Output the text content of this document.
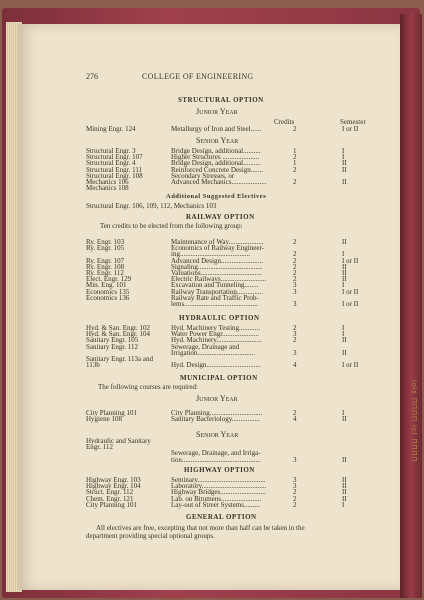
Iols ΠΠΠΠ IcI ΠΠΠΠ
276	COLLEGE OF ENGINEERING
STRUCTURAL OPTION
Junior Year
Credits	Semester
Mining Engr. 124	Metallurgy of Iron and Steel......	2	I or II
Senior Year
Structural Engr. 3	Bridge Design, additional..........	1	I
Structural Engr. 107	Higher Structures .....................	2	I
Structural Engr. 4	Bridge Design, additional..........	1	II
Structural Engr. 111	Reinforced Concrete Design.......	2	II
Structural Engr. 108	Secondary Stresses, or
Mechanics 106	Advanced Mechanics....................	2	II
Mechanics 108
Additional Suggested Electives
Structural Engr. 106, 109, 112, Mechanics 103
RAILWAY OPTION
Ten credits to be elected from the following group:
Ry. Engr. 103	Maintenance of Way....................	2	II
Ry. Engr. 105	Economics of Railway Engineer-
ing........................................	2	I
Ry. Engr. 107	Advanced Design........................	2	I or II
Ry. Engr. 108	Signaling.....................................	2	II
Ry. Engr. 112	Valuations...................................	2	II
Elect. Engr. 129	Electric Railways..........................	2	II
Min. Eng. 101	Excavation and Tunneling........	3	I
Economics 135	Railway Transportation...............	3	I or II
Economics 136	Railway Rate and Traffic Prob-
lems..........................................	3	I or II
HYDRAULIC OPTION
Hyd. & San. Engr. 102	Hyd. Machinery Testing............	2	I
Hyd. & San. Engr. 104	Water Power Engr.....................	3	I
Sanitary Engr. 105	Hyd. Machinery..........................	2	II
Sanitary Engr. 112	Sewerage, Drainage and
Irrigation.................................	3	II
Sanitary Engr. 113a and
113b	Hyd. Design...............................	4	I or II
MUNICIPAL OPTION
The following courses are required:
Junior Year
City Planning 101	City Planning..............................	2	I
Hygiene 108	Sanitary Bacteriology................	4	II
Senior Year
Hydraulic and Sanitary
Engr. 112
Sewerage, Drainage, and Irriga-
tion.............................................	3	II
HIGHWAY OPTION
Highway Engr. 103	Seminary.......................................	3	II
Highway Engr. 104	Laboratory.....................................	3	II
Struct. Engr. 112	Highway Bridges..........................	2	II
Chem. Engr. 121	Lab. on Bitumens.......................	2	II
City Planning 101	Lay-out of Street Systems.........	2	I
GENERAL OPTION
All electives are free, excepting that not more than half can be taken in the
department providing special optional groups.
